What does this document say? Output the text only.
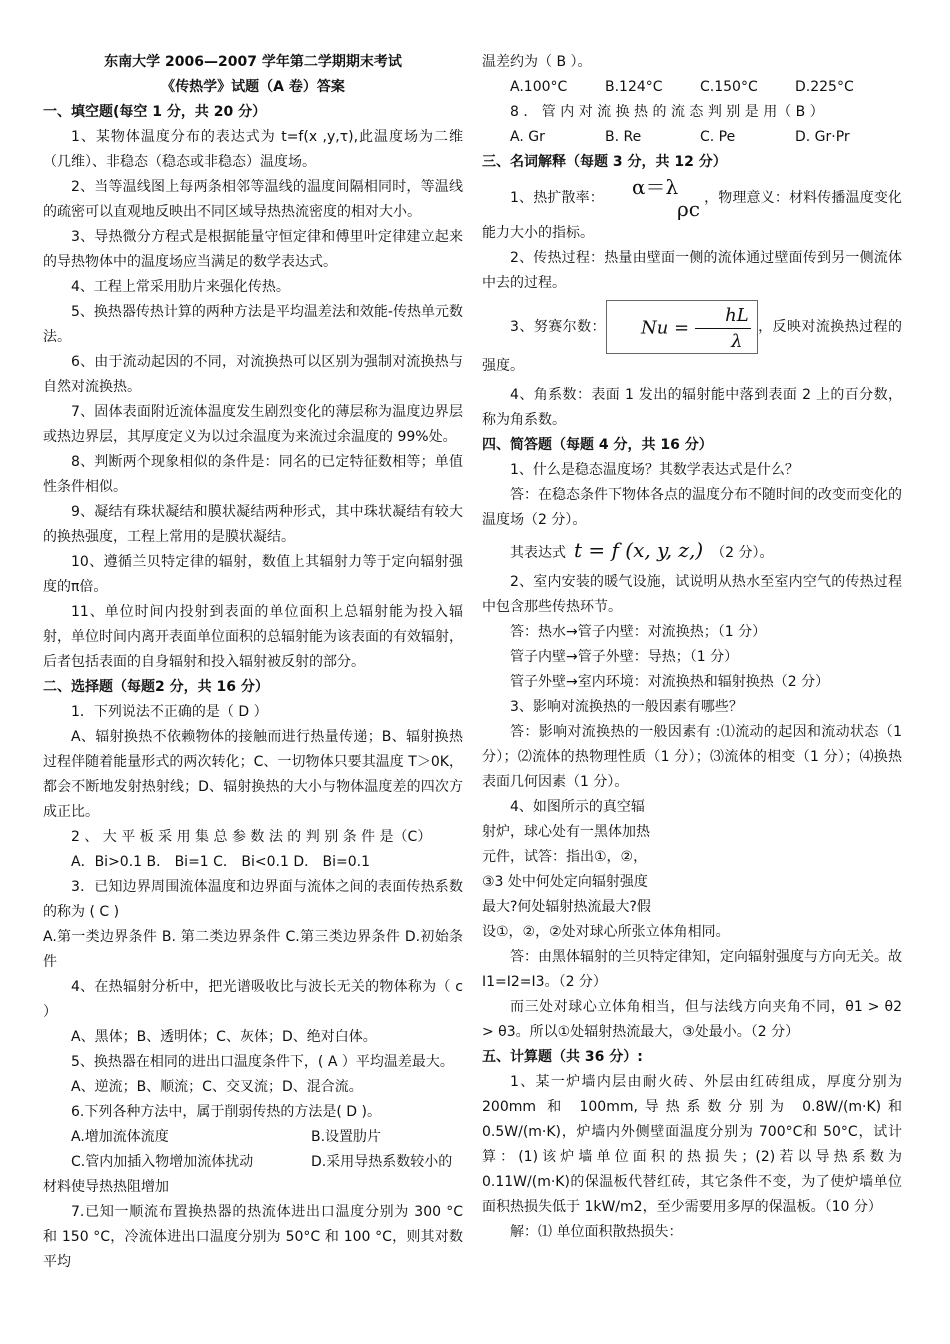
东南大学 2006—2007 学年第二学期期末考试

《传热学》试题（A 卷）答案

一、填空题(每空 1 分，共 20 分）

1、某物体温度分布的表达式为 t=f(x ,y,τ),此温度场为二维（几维）、非稳态（稳态或非稳态）温度场。

2、当等温线图上每两条相邻等温线的温度间隔相同时，等温线的疏密可以直观地反映出不同区域导热热流密度的相对大小。

3、导热微分方程式是根据能量守恒定律和傅里叶定律建立起来的导热物体中的温度场应当满足的数学表达式。

4、工程上常采用肋片来强化传热。

5、换热器传热计算的两种方法是平均温差法和效能-传热单元数法。

6、由于流动起因的不同，对流换热可以区别为强制对流换热与自然对流换热。

7、固体表面附近流体温度发生剧烈变化的薄层称为温度边界层或热边界层，其厚度定义为以过余温度为来流过余温度的 99%处。

8、判断两个现象相似的条件是：同名的已定特征数相等；单值性条件相似。

9、凝结有珠状凝结和膜状凝结两种形式，其中珠状凝结有较大的换热强度，工程上常用的是膜状凝结。

10、遵循兰贝特定律的辐射，数值上其辐射力等于定向辐射强度的π倍。

11、单位时间内投射到表面的单位面积上总辐射能为投入辐射，单位时间内离开表面单位面积的总辐射能为该表面的有效辐射，后者包括表面的自身辐射和投入辐射被反射的部分。

二、选择题（每题2 分，共 16 分）

1．下列说法不正确的是（ D ）

A、辐射换热不依赖物体的接触而进行热量传递；B、辐射换热过程伴随着能量形式的两次转化；C、一切物体只要其温度 T＞0K，都会不断地发射热射线；D、辐射换热的大小与物体温度差的四次方成正比。

2 、 大 平 板 采 用 集 总 参 数 法 的 判 别 条 件 是（C）

A．Bi>0.1 B． Bi=1 C． Bi<0.1 D． Bi=0.1

3．已知边界周围流体温度和边界面与流体之间的表面传热系数的称为 ( C )

A.第一类边界条件 B. 第二类边界条件 C.第三类边界条件 D.初始条件

4、在热辐射分析中，把光谱吸收比与波长无关的物体称为（ c ）

A、黑体；B、透明体；C、灰体；D、绝对白体。

5、换热器在相同的进出口温度条件下，( A ）平均温差最大。

A、逆流；B、顺流；C、交叉流；D、混合流。

6.下列各种方法中，属于削弱传热的方法是( D )。

A.增加流体流度	B.设置肋片

C.管内加插入物增加流体扰动	D.采用导热系数较小的

材料使导热热阻增加

7.已知一顺流布置换热器的热流体进出口温度分别为 300 °C 和 150 °C，冷流体进出口温度分别为 50°C 和 100 °C，则其对数平均

温差约为（ B ）。

A.100°C	B.124°C	C.150°C	D.225°C

8 ． 管 内 对 流 换 热 的 流 态 判 别 是 用（ B ）

A. Gr	B. Re	C. Pe	D. Gr·Pr

三、名词解释（每题 3 分，共 12 分）

1、热扩散率：	α＝λ
ρc ，物理意义：材料传播温度变化能力大小的指标。

2、传热过程：热量由壁面一侧的流体通过壁面传到另一侧流体中去的过程。

3、努赛尔数： $Nu = \frac{hL}{\lambda}$ ，反映对流换热过程的强度。

4、角系数：表面 1 发出的辐射能中落到表面 2 上的百分数，称为角系数。

四、简答题（每题 4 分，共 16 分）

1、什么是稳态温度场？其数学表达式是什么？

答：在稳态条件下物体各点的温度分布不随时间的改变而变化的温度场（2 分）。

其表达式 t = f (x, y, z,) （2 分）。

2、室内安装的暖气设施，试说明从热水至室内空气的传热过程中包含那些传热环节。

答：热水→管子内壁：对流换热；（1 分）

管子内壁→管子外壁：导热；（1 分）

管子外壁→室内环境：对流换热和辐射换热（2 分）

3、影响对流换热的一般因素有哪些？

答：影响对流换热的一般因素有 :⑴流动的起因和流动状态（1 分）；⑵流体的热物理性质（1 分）；⑶流体的相变（1 分）；⑷换热表面几何因素（1 分）。

4、如图所示的真空辐

射炉，球心处有一黑体加热

元件，试答：指出①，②，

③3 处中何处定向辐射强度

最大?何处辐射热流最大?假

设①，②，②处对球心所张立体角相同。

答：由黑体辐射的兰贝特定律知，定向辐射强度与方向无关。故 I1=I2=I3。（2 分）

而三处对球心立体角相当，但与法线方向夹角不同，θ1 > θ2 > θ3。所以①处辐射热流最大，③处最小。（2 分）

五、计算题（共 36 分）:

1、某一炉墙内层由耐火砖、外层由红砖组成，厚度分别为 200mm 和 100mm,导热系数分别为 0.8W/(m·K)和 0.5W/(m·K)，炉墙内外侧壁面温度分别为 700°C和 50°C，试计算：(1)该炉墙单位面积的热损失；(2)若以导热系数为 0.11W/(m·K)的保温板代替红砖，其它条件不变，为了使炉墙单位面积热损失低于 1kW/m2，至少需要用多厚的保温板。（10 分）

解：⑴ 单位面积散热损失：
